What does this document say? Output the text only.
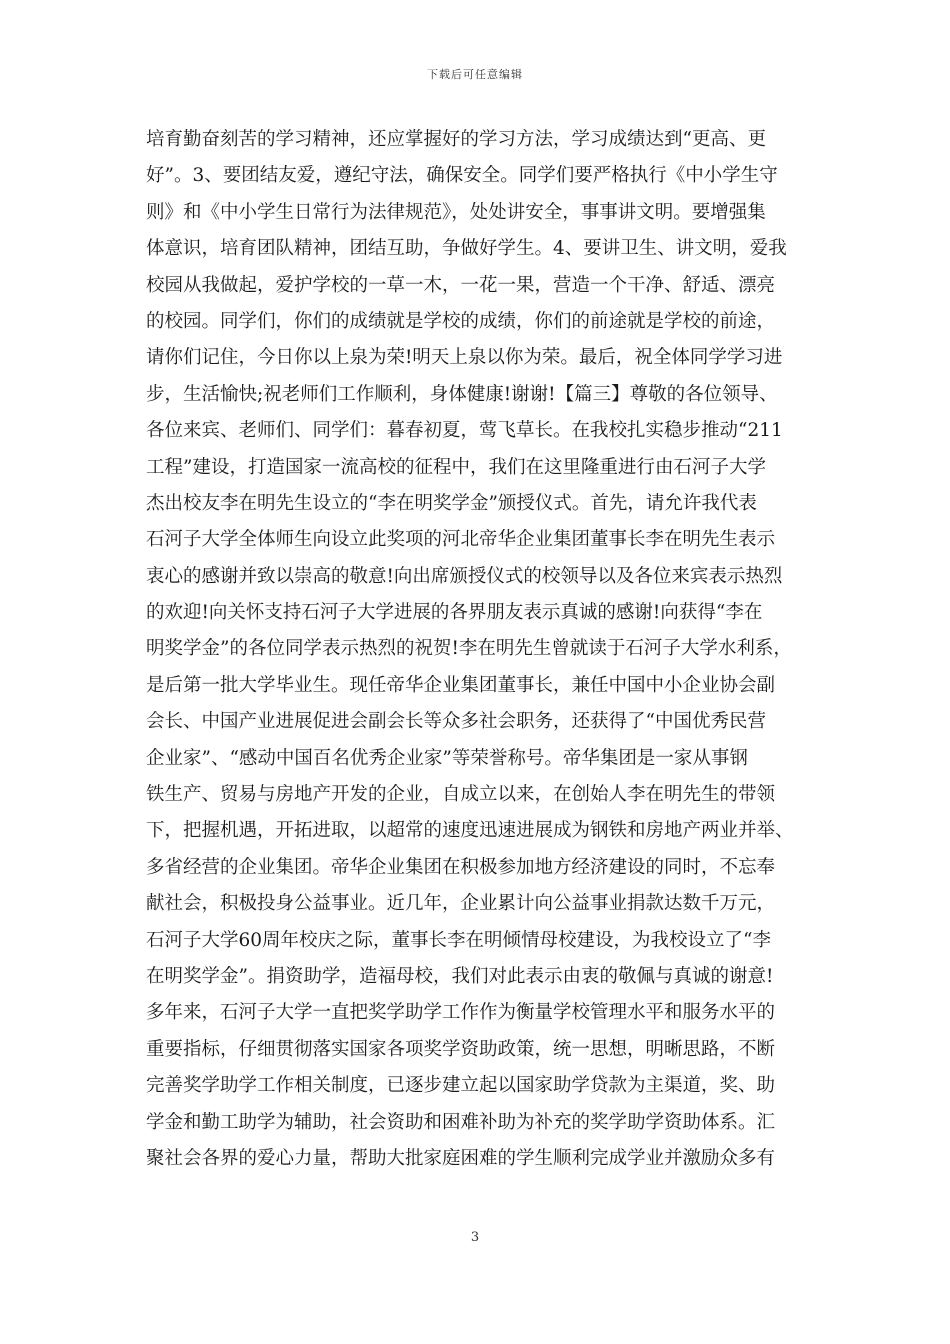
下载后可任意编辑
培育勤奋刻苦的学习精神，还应掌握好的学习方法，学习成绩达到“更高、更
好”。3、要团结友爱，遵纪守法，确保安全。同学们要严格执行《中小学生守
则》和《中小学生日常行为法律规范》，处处讲安全，事事讲文明。要增强集
体意识，培育团队精神，团结互助，争做好学生。4、要讲卫生、讲文明，爱我
校园从我做起，爱护学校的一草一木，一花一果，营造一个干净、舒适、漂亮
的校园。同学们，你们的成绩就是学校的成绩，你们的前途就是学校的前途，
请你们记住，今日你以上泉为荣!明天上泉以你为荣。最后，祝全体同学学习进
步，生活愉快;祝老师们工作顺利，身体健康!谢谢!【篇三】尊敬的各位领导、
各位来宾、老师们、同学们：暮春初夏，莺飞草长。在我校扎实稳步推动“211
工程”建设，打造国家一流高校的征程中，我们在这里隆重进行由石河子大学
杰出校友李在明先生设立的“李在明奖学金”颁授仪式。首先，请允许我代表
石河子大学全体师生向设立此奖项的河北帝华企业集团董事长李在明先生表示
衷心的感谢并致以崇高的敬意!向出席颁授仪式的校领导以及各位来宾表示热烈
的欢迎!向关怀支持石河子大学进展的各界朋友表示真诚的感谢!向获得“李在
明奖学金”的各位同学表示热烈的祝贺!李在明先生曾就读于石河子大学水利系，
是后第一批大学毕业生。现任帝华企业集团董事长，兼任中国中小企业协会副
会长、中国产业进展促进会副会长等众多社会职务，还获得了“中国优秀民营
企业家”、“感动中国百名优秀企业家”等荣誉称号。帝华集团是一家从事钢
铁生产、贸易与房地产开发的企业，自成立以来，在创始人李在明先生的带领
下，把握机遇，开拓进取，以超常的速度迅速进展成为钢铁和房地产两业并举、
多省经营的企业集团。帝华企业集团在积极参加地方经济建设的同时，不忘奉
献社会，积极投身公益事业。近几年，企业累计向公益事业捐款达数千万元，
石河子大学60周年校庆之际，董事长李在明倾情母校建设，为我校设立了“李
在明奖学金”。捐资助学，造福母校，我们对此表示由衷的敬佩与真诚的谢意!
多年来，石河子大学一直把奖学助学工作作为衡量学校管理水平和服务水平的
重要指标，仔细贯彻落实国家各项奖学资助政策，统一思想，明晰思路，不断
完善奖学助学工作相关制度，已逐步建立起以国家助学贷款为主渠道，奖、助
学金和勤工助学为辅助，社会资助和困难补助为补充的奖学助学资助体系。汇
聚社会各界的爱心力量，帮助大批家庭困难的学生顺利完成学业并激励众多有
3
